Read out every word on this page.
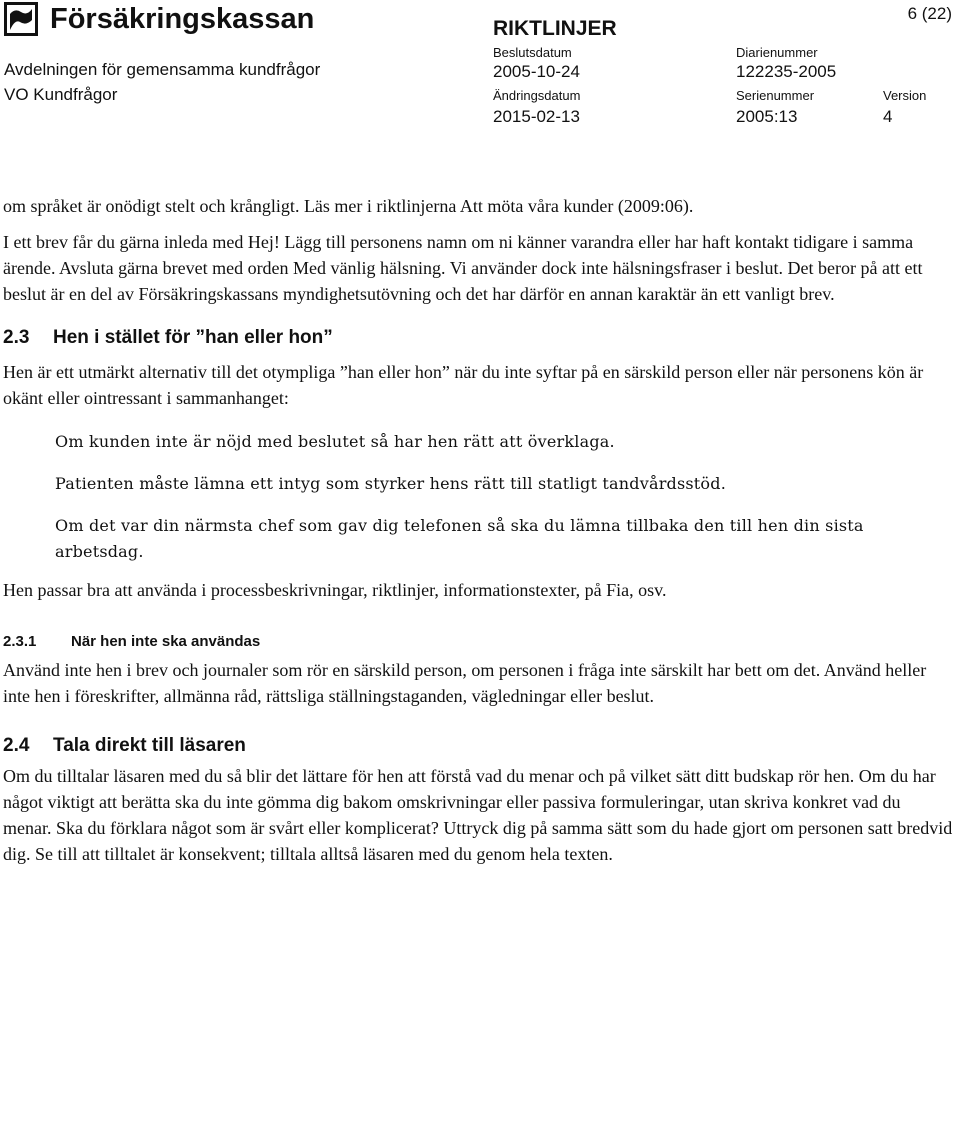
Försäkringskassan
Avdelningen för gemensamma kundfrågor
VO Kundfrågor
RIKTLINJER
6 (22)
Beslutsdatum
2005-10-24
Diarienummer
122235-2005
Ändringsdatum
2015-02-13
Serienummer
2005:13
Version
4

om språket är onödigt stelt och krångligt. Läs mer i riktlinjerna Att möta våra kunder (2009:06).

I ett brev får du gärna inleda med Hej! Lägg till personens namn om ni känner varandra eller har haft kontakt tidigare i samma ärende. Avsluta gärna brevet med orden Med vänlig hälsning. Vi använder dock inte hälsningsfraser i beslut. Det beror på att ett beslut är en del av Försäkringskassans myndighetsutövning och det har därför en annan karaktär än ett vanligt brev.

2.3 Hen i stället för ”han eller hon”

Hen är ett utmärkt alternativ till det otympliga ”han eller hon” när du inte syftar på en särskild person eller när personens kön är okänt eller ointressant i sammanhanget:

Om kunden inte är nöjd med beslutet så har hen rätt att överklaga.

Patienten måste lämna ett intyg som styrker hens rätt till statligt tandvårdsstöd.

Om det var din närmsta chef som gav dig telefonen så ska du lämna tillbaka den till hen din sista arbetsdag.

Hen passar bra att använda i processbeskrivningar, riktlinjer, informationstexter, på Fia, osv.

2.3.1 När hen inte ska användas

Använd inte hen i brev och journaler som rör en särskild person, om personen i fråga inte särskilt har bett om det. Använd heller inte hen i föreskrifter, allmänna råd, rättsliga ställningstaganden, vägledningar eller beslut.

2.4 Tala direkt till läsaren

Om du tilltalar läsaren med du så blir det lättare för hen att förstå vad du menar och på vilket sätt ditt budskap rör hen. Om du har något viktigt att berätta ska du inte gömma dig bakom omskrivningar eller passiva formuleringar, utan skriva konkret vad du menar. Ska du förklara något som är svårt eller komplicerat? Uttryck dig på samma sätt som du hade gjort om personen satt bredvid dig. Se till att tilltalet är konsekvent; tilltala alltså läsaren med du genom hela texten.
